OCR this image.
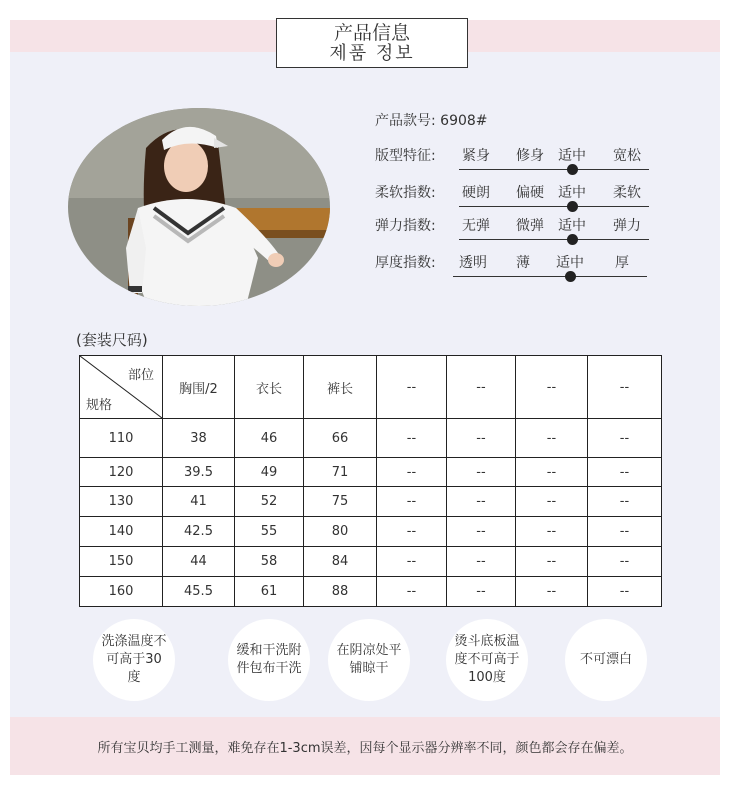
产品信息
제품 정보
产品款号: 6908#
版型特征: 紧身 修身 适中 宽松
柔软指数: 硬朗 偏硬 适中 柔软
弹力指数: 无弹 微弹 适中 弹力
厚度指数: 透明 薄 适中 厚
(套装尺码)
部位
规格	胸围/2	衣长	裤长	--	--	--	--
110	38	46	66	--	--	--	--
120	39.5	49	71	--	--	--	--
130	41	52	75	--	--	--	--
140	42.5	55	80	--	--	--	--
150	44	58	84	--	--	--	--
160	45.5	61	88	--	--	--	--
洗涤温度不可高于30度
缓和干洗附件包布干洗
在阴凉处平铺晾干
烫斗底板温度不可高于100度
不可漂白
所有宝贝均手工测量，难免存在1-3cm误差，因每个显示器分辨率不同，颜色都会存在偏差。
